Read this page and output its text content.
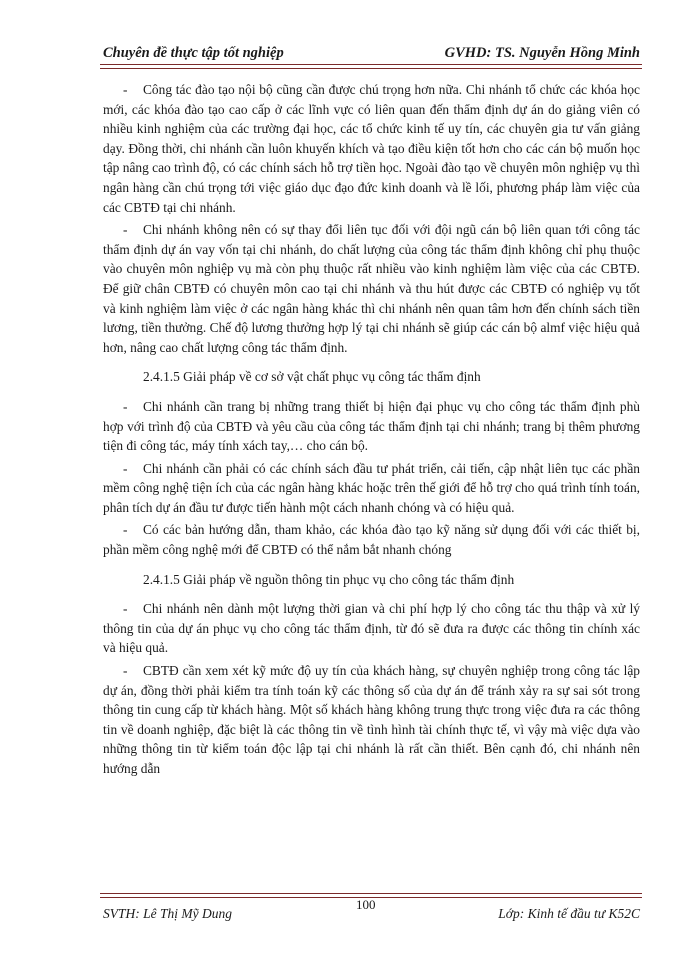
Chuyên đề thực tập tốt nghiệp	GVHD: TS. Nguyễn Hồng Minh

- Công tác đào tạo nội bộ cũng cần được chú trọng hơn nữa. Chi nhánh tổ chức các khóa học mới, các khóa đào tạo cao cấp ở các lĩnh vực có liên quan đến thẩm định dự án do giảng viên có nhiều kinh nghiệm của các trường đại học, các tổ chức kinh tế uy tín, các chuyên gia tư vấn giảng dạy. Đồng thời, chi nhánh cần luôn khuyến khích và tạo điều kiện tốt hơn cho các cán bộ muốn học tập nâng cao trình độ, có các chính sách hỗ trợ tiền học. Ngoài đào tạo về chuyên môn nghiệp vụ thì ngân hàng cần chú trọng tới việc giáo dục đạo đức kinh doanh và lề lối, phương pháp làm việc của các CBTĐ tại chi nhánh.

- Chi nhánh không nên có sự thay đổi liên tục đối với đội ngũ cán bộ liên quan tới công tác thẩm định dự án vay vốn tại chi nhánh, do chất lượng của công tác thẩm định không chỉ phụ thuộc vào chuyên môn nghiệp vụ mà còn phụ thuộc rất nhiều vào kinh nghiệm làm việc của các CBTĐ. Để giữ chân CBTĐ có chuyên môn cao tại chi nhánh và thu hút được các CBTĐ có nghiệp vụ tốt và kinh nghiệm làm việc ở các ngân hàng khác thì chi nhánh nên quan tâm hơn đến chính sách tiền lương, tiền thưởng. Chế độ lương thưởng hợp lý tại chi nhánh sẽ giúp các cán bộ almf việc hiệu quả hơn, nâng cao chất lượng công tác thẩm định.

2.4.1.5 Giải pháp về cơ sở vật chất phục vụ công tác thẩm định

- Chi nhánh cần trang bị những trang thiết bị hiện đại phục vụ cho công tác thẩm định phù hợp với trình độ của CBTĐ và yêu cầu của công tác thẩm định tại chi nhánh; trang bị thêm phương tiện đi công tác, máy tính xách tay,… cho cán bộ.

- Chi nhánh cần phải có các chính sách đầu tư phát triển, cải tiến, cập nhật liên tục các phần mềm công nghệ tiện ích của các ngân hàng khác hoặc trên thế giới để hỗ trợ cho quá trình tính toán, phân tích dự án đầu tư được tiến hành một cách nhanh chóng và có hiệu quả.

- Có các bản hướng dẫn, tham khảo, các khóa đào tạo kỹ năng sử dụng đối với các thiết bị, phần mềm công nghệ mới để CBTĐ có thể nắm bắt nhanh chóng

2.4.1.5 Giải pháp về nguồn thông tin phục vụ cho công tác thẩm định

- Chi nhánh nên dành một lượng thời gian và chi phí hợp lý cho công tác thu thập và xử lý thông tin của dự án phục vụ cho công tác thẩm định, từ đó sẽ đưa ra được các thông tin chính xác và hiệu quả.

- CBTĐ cần xem xét kỹ mức độ uy tín của khách hàng, sự chuyên nghiệp trong công tác lập dự án, đồng thời phải kiểm tra tính toán kỹ các thông số của dự án để tránh xảy ra sự sai sót trong thông tin cung cấp từ khách hàng. Một số khách hàng không trung thực trong việc đưa ra các thông tin về doanh nghiệp, đặc biệt là các thông tin về tình hình tài chính thực tế, vì vậy mà việc dựa vào những thông tin từ kiểm toán độc lập tại chi nhánh là rất cần thiết. Bên cạnh đó, chi nhánh nên hướng dẫn

100
SVTH: Lê Thị Mỹ Dung	Lớp: Kinh tế đầu tư K52C
